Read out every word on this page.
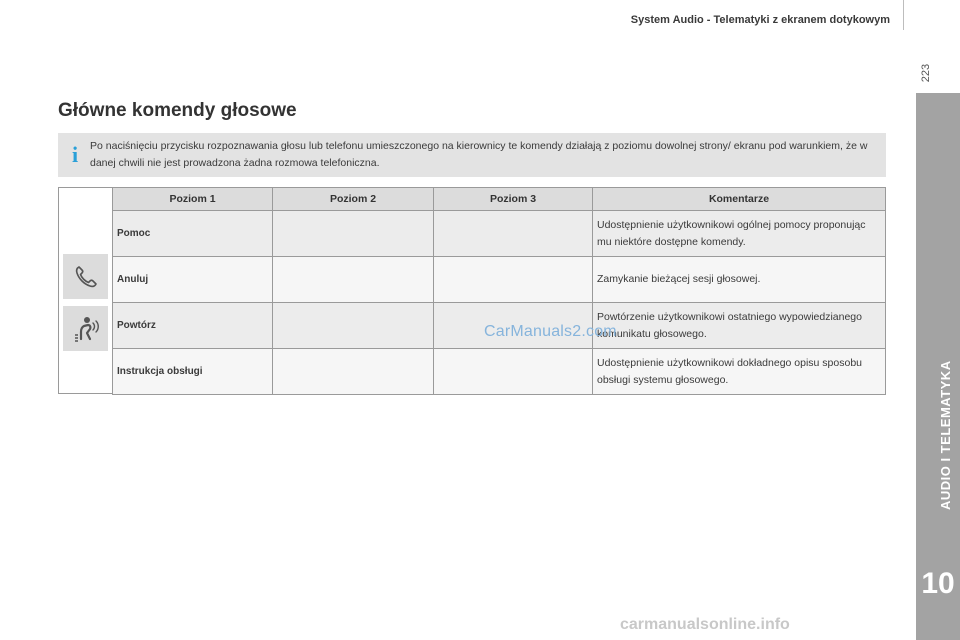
System Audio - Telematyki z ekranem dotykowym
223
AUDIO I TELEMATYKA
10
Główne komendy głosowe
i	Po naciśnięciu przycisku rozpoznawania głosu lub telefonu umieszczonego na kierownicy te komendy działają z poziomu dowolnej strony/ ekranu pod warunkiem, że w danej chwili nie jest prowadzona żadna rozmowa telefoniczna.

Poziom 1	Poziom 2	Poziom 3	Komentarze
Pomoc			Udostępnienie użytkownikowi ogólnej pomocy proponując mu niektóre dostępne komendy.
Anuluj			Zamykanie bieżącej sesji głosowej.
Powtórz			Powtórzenie użytkownikowi ostatniego wypowiedzianego komunikatu głosowego.
Instrukcja obsługi			Udostępnienie użytkownikowi dokładnego opisu sposobu obsługi systemu głosowego.
CarManuals2.com
carmanualsonline.info
